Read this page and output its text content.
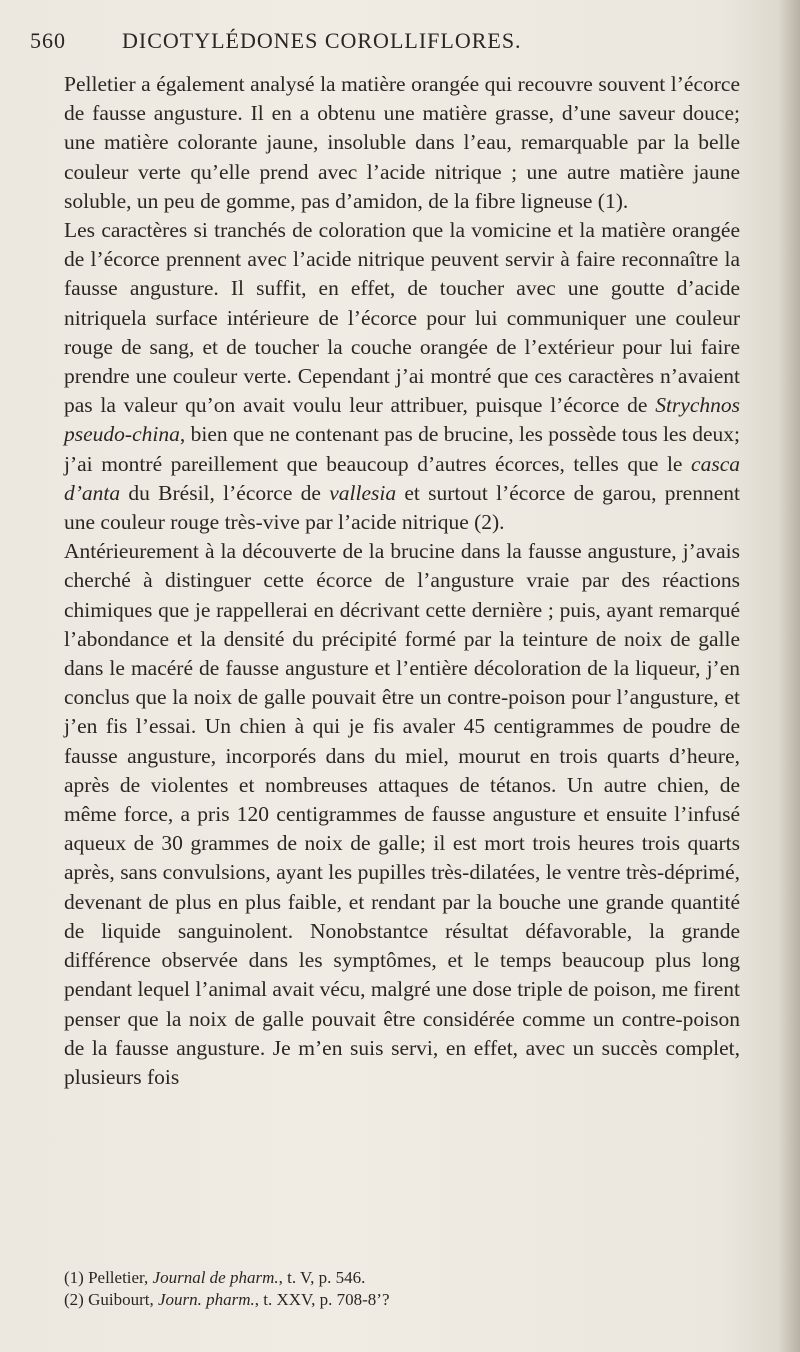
560	DICOTYLÉDONES COROLLIFLORES.

Pelletier a également analysé la matière orangée qui recouvre souvent l’écorce de fausse angusture. Il en a obtenu une matière grasse, d’une saveur douce; une matière colorante jaune, insoluble dans l’eau, remarquable par la belle couleur verte qu’elle prend avec l’acide nitrique ; une autre matière jaune soluble, un peu de gomme, pas d’amidon, de la fibre ligneuse (1).

Les caractères si tranchés de coloration que la vomicine et la matière orangée de l’écorce prennent avec l’acide nitrique peuvent servir à faire reconnaître la fausse angusture. Il suffit, en effet, de toucher avec une goutte d’acide nitriquela surface intérieure de l’écorce pour lui communiquer une couleur rouge de sang, et de toucher la couche orangée de l’extérieur pour lui faire prendre une couleur verte. Cependant j’ai montré que ces caractères n’avaient pas la valeur qu’on avait voulu leur attribuer, puisque l’écorce de Strychnos pseudo-china, bien que ne contenant pas de brucine, les possède tous les deux; j’ai montré pareillement que beaucoup d’autres écorces, telles que le casca d’anta du Brésil, l’écorce de vallesia et surtout l’écorce de garou, prennent une couleur rouge très-vive par l’acide nitrique (2).

Antérieurement à la découverte de la brucine dans la fausse angusture, j’avais cherché à distinguer cette écorce de l’angusture vraie par des réactions chimiques que je rappellerai en décrivant cette dernière ; puis, ayant remarqué l’abondance et la densité du précipité formé par la teinture de noix de galle dans le macéré de fausse angusture et l’entière décoloration de la liqueur, j’en conclus que la noix de galle pouvait être un contre-poison pour l’angusture, et j’en fis l’essai. Un chien à qui je fis avaler 45 centigrammes de poudre de fausse angusture, incorporés dans du miel, mourut en trois quarts d’heure, après de violentes et nombreuses attaques de tétanos. Un autre chien, de même force, a pris 120 centigrammes de fausse angusture et ensuite l’infusé aqueux de 30 grammes de noix de galle; il est mort trois heures trois quarts après, sans convulsions, ayant les pupilles très-dilatées, le ventre très-déprimé, devenant de plus en plus faible, et rendant par la bouche une grande quantité de liquide sanguinolent. Nonobstantce résultat défavorable, la grande différence observée dans les symptômes, et le temps beaucoup plus long pendant lequel l’animal avait vécu, malgré une dose triple de poison, me firent penser que la noix de galle pouvait être considérée comme un contre-poison de la fausse angusture. Je m’en suis servi, en effet, avec un succès complet, plusieurs fois

(1) Pelletier, Journal de pharm., t. V, p. 546.
(2) Guibourt, Journ. pharm., t. XXV, p. 708-8’?
